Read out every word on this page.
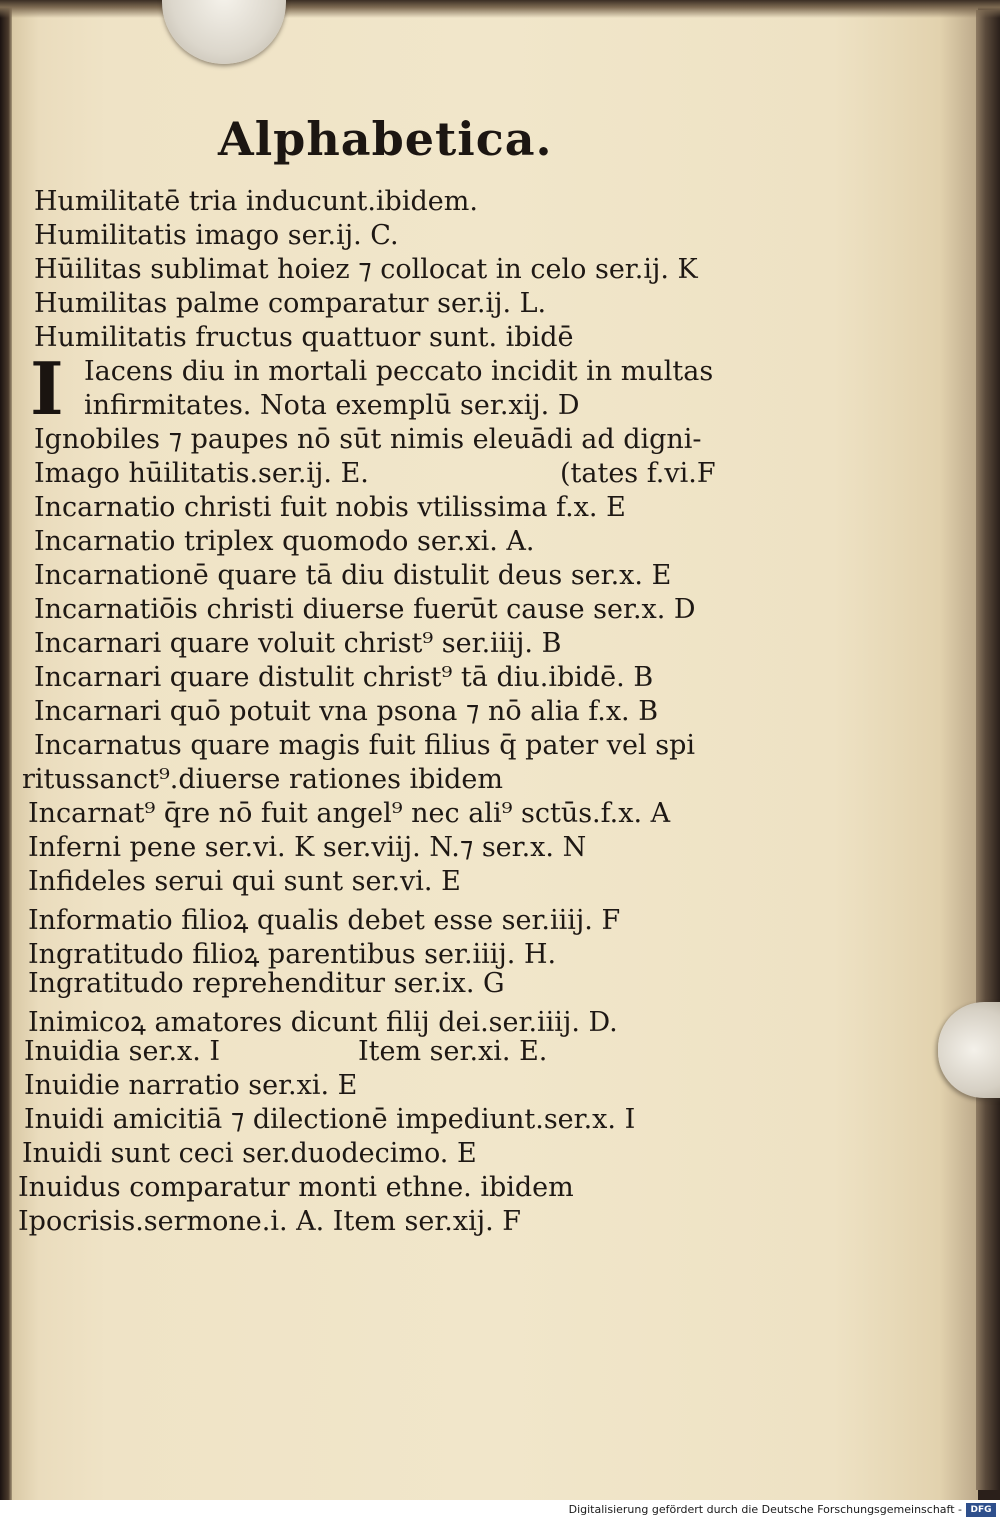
Alphabetica.
I
Humilitatē tria inducunt.ibidem.
Humilitatis imago ser.ij. C.
Hūilitas sublimat hoiez ⁊ collocat in celo ser.ij. K
Humilitas palme comparatur ser.ij. L.
Humilitatis fructus quattuor sunt. ibidē
Iacens diu in mortali peccato incidit in multas
infirmitates. Nota exemplū ser.xij. D
Ignobiles ⁊ paupes nō sūt nimis eleuādi ad digni-
Imago hūilitatis.ser.ij. E.	(tates f.vi.F
Incarnatio christi fuit nobis vtilissima f.x. E
Incarnatio triplex quomodo ser.xi. A.
Incarnationē quare tā diu distulit deus ser.x. E
Incarnatiōis christi diuerse fuerūt cause ser.x. D
Incarnari quare voluit christ⁹ ser.iiij. B
Incarnari quare distulit christ⁹ tā diu.ibidē. B
Incarnari quō potuit vna psona ⁊ nō alia f.x. B
Incarnatus quare magis fuit filius q̄ pater vel spi
ritussanct⁹.diuerse rationes ibidem
Incarnat⁹ q̄re nō fuit angel⁹ nec ali⁹ sctūs.f.x. A
Inferni pene ser.vi. K ser.viij. N.⁊ ser.x. N
Infideles serui qui sunt ser.vi. E
Informatio filioꝝ qualis debet esse ser.iiij. F
Ingratitudo filioꝝ parentibus ser.iiij. H.
Ingratitudo reprehenditur ser.ix. G
Inimicoꝝ amatores dicunt filij dei.ser.iiij. D.
Inuidia ser.x. I	Item ser.xi. E.
Inuidie narratio ser.xi. E
Inuidi amicitiā ⁊ dilectionē impediunt.ser.x. I
Inuidi sunt ceci ser.duodecimo. E
Inuidus comparatur monti ethne. ibidem
Ipocrisis.sermone.i. A. Item ser.xij. F
Digitalisierung gefördert durch die Deutsche Forschungsgemeinschaft - DFG
